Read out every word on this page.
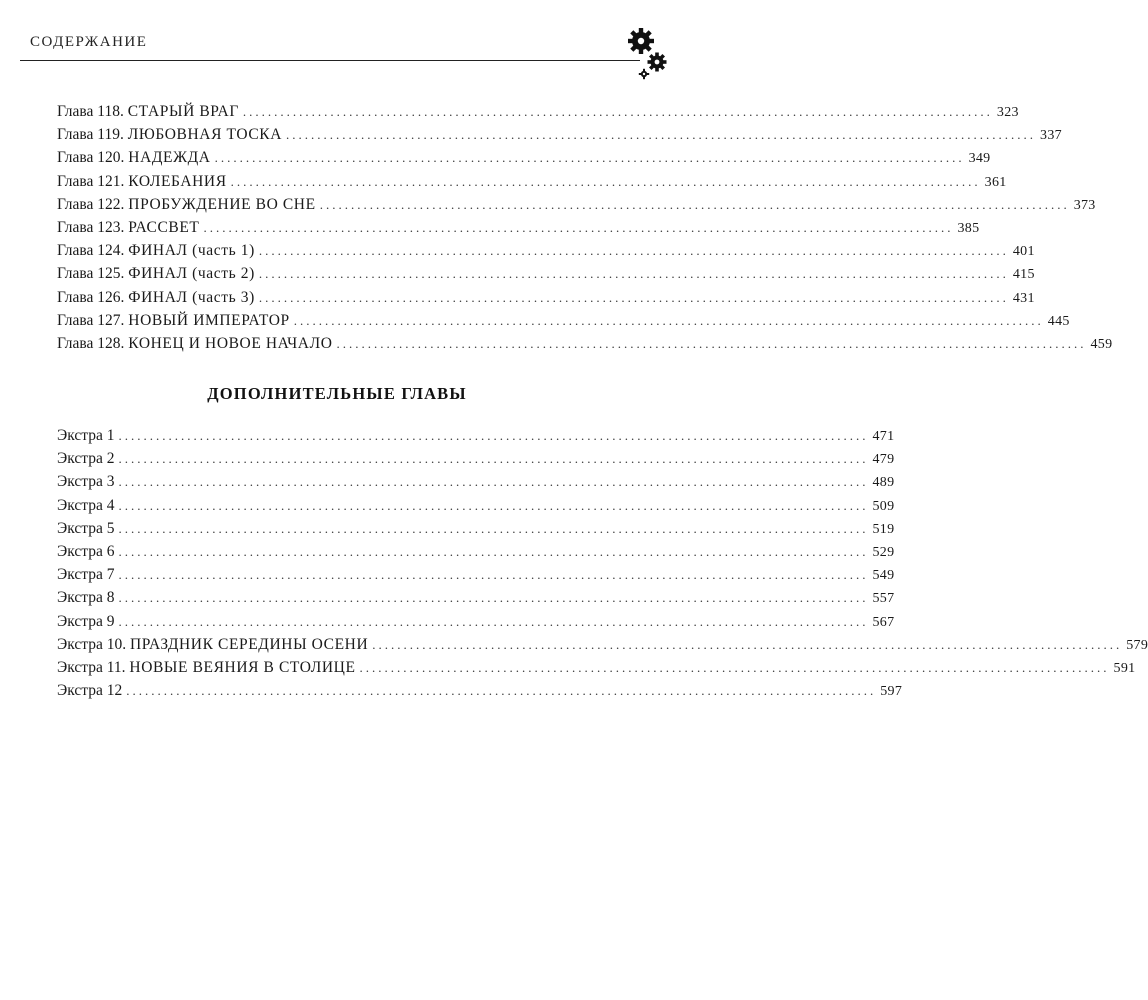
СОДЕРЖАНИЕ
Глава 118. СТАРЫЙ ВРАГ ........................................................................................................................ 323
Глава 119. ЛЮБОВНАЯ ТОСКА ........................................................................................................................ 337
Глава 120. НАДЕЖДА ........................................................................................................................ 349
Глава 121. КОЛЕБАНИЯ ........................................................................................................................ 361
Глава 122. ПРОБУЖДЕНИЕ ВО СНЕ ........................................................................................................................ 373
Глава 123. РАССВЕТ ........................................................................................................................ 385
Глава 124. ФИНАЛ (часть 1) ........................................................................................................................ 401
Глава 125. ФИНАЛ (часть 2) ........................................................................................................................ 415
Глава 126. ФИНАЛ (часть 3) ........................................................................................................................ 431
Глава 127. НОВЫЙ ИМПЕРАТОР ........................................................................................................................ 445
Глава 128. КОНЕЦ И НОВОЕ НАЧАЛО ........................................................................................................................ 459
ДОПОЛНИТЕЛЬНЫЕ ГЛАВЫ
Экстра 1 ........................................................................................................................ 471
Экстра 2 ........................................................................................................................ 479
Экстра 3 ........................................................................................................................ 489
Экстра 4 ........................................................................................................................ 509
Экстра 5 ........................................................................................................................ 519
Экстра 6 ........................................................................................................................ 529
Экстра 7 ........................................................................................................................ 549
Экстра 8 ........................................................................................................................ 557
Экстра 9 ........................................................................................................................ 567
Экстра 10. ПРАЗДНИК СЕРЕДИНЫ ОСЕНИ ........................................................................................................................ 579
Экстра 11. НОВЫЕ ВЕЯНИЯ В СТОЛИЦЕ ........................................................................................................................ 591
Экстра 12 ........................................................................................................................ 597
